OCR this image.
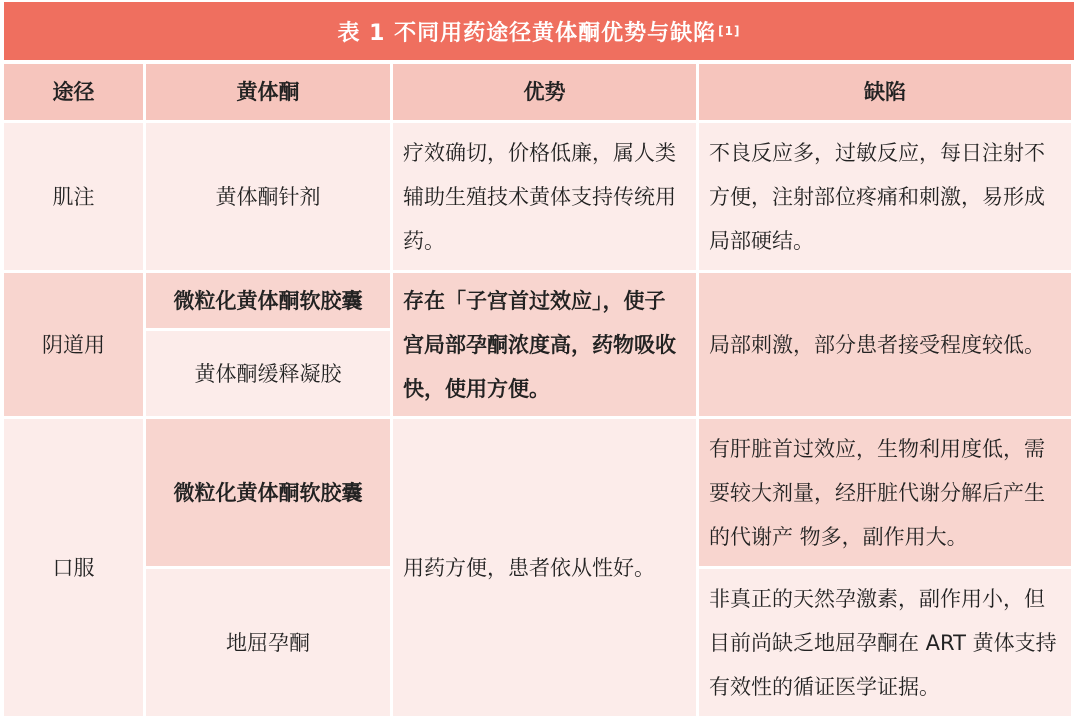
表 1 不同用药途径黄体酮优势与缺陷 [1]
途径	黄体酮	优势	缺陷
肌注	黄体酮针剂	疗效确切，价格低廉，属人类辅助生殖技术黄体支持传统用药。	不良反应多，过敏反应，每日注射不方便，注射部位疼痛和刺激，易形成局部硬结。
阴道用	微粒化黄体酮软胶囊	存在「子宫首过效应」，使子宫局部孕酮浓度高，药物吸收快，使用方便。	局部刺激，部分患者接受程度较低。
	黄体酮缓释凝胶		
口服	微粒化黄体酮软胶囊	用药方便，患者依从性好。	有肝脏首过效应，生物利用度低，需要较大剂量，经肝脏代谢分解后产生的代谢产 物多，副作用大。
	地屈孕酮		非真正的天然孕激素，副作用小，但目前尚缺乏地屈孕酮在 ART 黄体支持有效性的循证医学证据。
